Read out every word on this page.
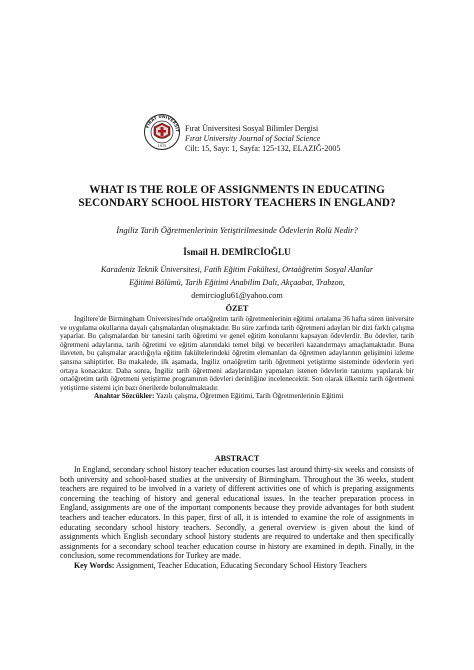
FIRAT ÜNİVERSİT
1975
Fırat Üniversitesi Sosyal Bilimler Dergisi
Fırat University Journal of Social Science
Cilt: 15, Sayı: 1, Sayfa: 125-132, ELAZIĞ-2005
WHAT IS THE ROLE OF ASSIGNMENTS IN EDUCATING SECONDARY SCHOOL HISTORY TEACHERS IN ENGLAND?
İngiliz Tarih Öğretmenlerinin Yetiştirilmesinde Ödevlerin Rolü Nedir?
İsmail H. DEMİRCİOĞLU
Karadeniz Teknik Üniversitesi, Fatih Eğitim Fakültesi, Ortaöğretim Sosyal Alanlar
Eğitimi Bölümü, Tarih Eğitimi Anabilim Dalı, Akçaabat, Trabzon,
demircioglu61@yahoo.com
ÖZET

İngiltere'de Birmingham Üniversitesi'nde ortaöğretim tarih öğretmenlerinin eğitimi ortalama 36 hafta süren üniversite ve uygulama okullarına dayalı çalışmalardan oluşmaktadır. Bu süre zarfında tarih öğretmeni adayları bir dizi farklı çalışma yaparlar. Bu çalışmalardan bir tanesini tarih öğretimi ve genel eğitim konularını kapsayan ödevlerdir. Bu ödevler, tarih öğretmeni adaylarına, tarih öğretimi ve eğitim alanındaki temel bilgi ve becerileri kazandırmayı amaçlamaktadır. Buna ilaveten, bu çalışmalar aracılığıyla eğitim fakültelerindeki öğretim elemanları da öğretmen adaylarının gelişimini izleme şansına sahiptirler. Bu makalede, ilk aşamada, İngiliz ortaöğretim tarih öğretmeni yetiştirme sisteminde ödevlerin yeri ortaya konacaktır. Daha sonra, İngiliz tarih öğretmeni adaylarından yapmaları istenen ödevlerin tanıtımı yapılarak bir ortaöğretim tarih öğretmeni yetiştirme programının ödevleri derinliğine incelenecektir. Son olarak ülkemiz tarih öğretmeni yetiştirme sistemi için bazı önerilerde bulunulmaktadır.

Anahtar Sözcükler: Yazılı çalışma, Öğretmen Eğitimi, Tarih Öğretmenlerinin Eğitimi
ABSTRACT

In England, secondary school history teacher education courses last around thirty-six weeks and consists of both university and school-based studies at the university of Birmingham. Throughout the 36 weeks, student teachers are required to be involved in a variety of different activities one of which is preparing assignments concerning the teaching of history and general educational issues. In the teacher preparation process in England, assignments are one of the important components because they provide advantages for both student teachers and teacher educators. In this paper, first of all, it is intended to examine the role of assignments in educating secondary school history teachers. Secondly, a general overview is given about the kind of assignments which English secondary school history students are required to undertake and then specifically assignments for a secondary school teacher education course in history are examined in depth. Finally, in the conclusion, some recommendations for Turkey are made.

Key Words: Assignment, Teacher Education, Educating Secondary School History Teachers
